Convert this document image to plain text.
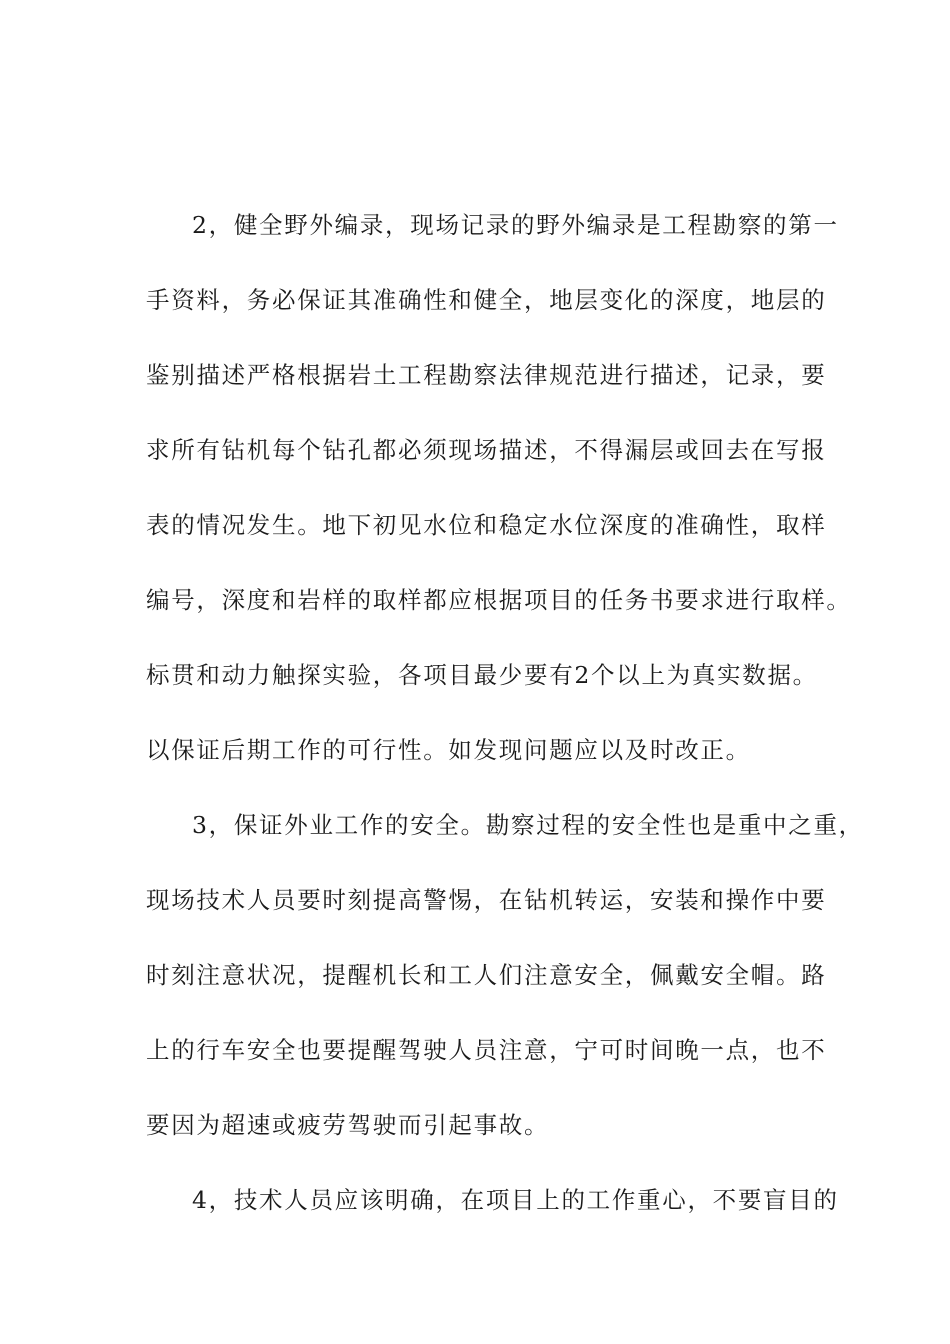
2，健全野外编录，现场记录的野外编录是工程勘察的第一

手资料，务必保证其准确性和健全，地层变化的深度，地层的

鉴别描述严格根据岩土工程勘察法律规范进行描述，记录，要

求所有钻机每个钻孔都必须现场描述，不得漏层或回去在写报

表的情况发生。地下初见水位和稳定水位深度的准确性，取样

编号，深度和岩样的取样都应根据项目的任务书要求进行取样。

标贯和动力触探实验，各项目最少要有2个以上为真实数据。

以保证后期工作的可行性。如发现问题应以及时改正。

3，保证外业工作的安全。勘察过程的安全性也是重中之重，

现场技术人员要时刻提高警惕，在钻机转运，安装和操作中要

时刻注意状况，提醒机长和工人们注意安全，佩戴安全帽。路

上的行车安全也要提醒驾驶人员注意，宁可时间晚一点，也不

要因为超速或疲劳驾驶而引起事故。

4，技术人员应该明确，在项目上的工作重心，不要盲目的
